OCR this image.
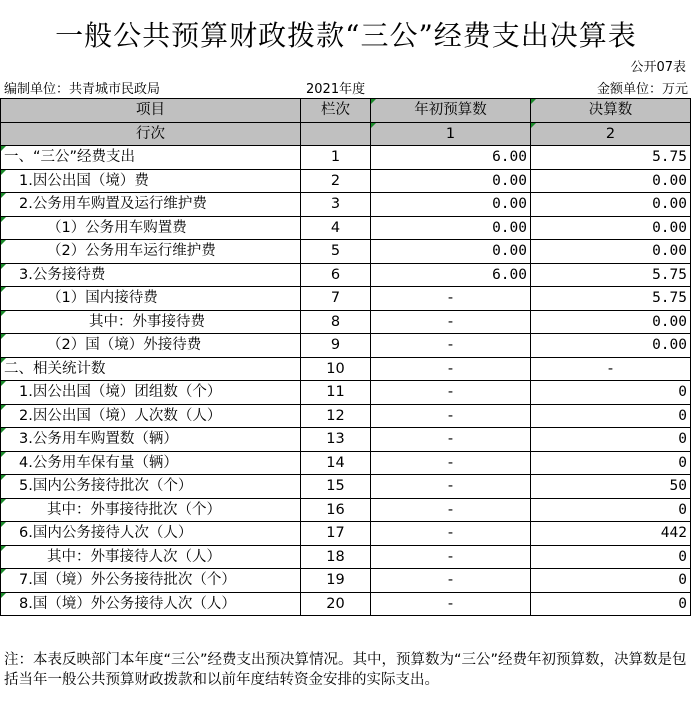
一般公共预算财政拨款“三公”经费支出决算表
公开07表
编制单位：共青城市民政局	2021年度	金额单位：万元
项目	栏次	年初预算数	决算数
行次		1	2
一、“三公”经费支出	1	6.00	5.75
1.因公出国（境）费	2	0.00	0.00
2.公务用车购置及运行维护费	3	0.00	0.00
（1）公务用车购置费	4	0.00	0.00
（2）公务用车运行维护费	5	0.00	0.00
3.公务接待费	6	6.00	5.75
（1）国内接待费	7	-	5.75
其中：外事接待费	8	-	0.00
（2）国（境）外接待费	9	-	0.00
二、相关统计数	10	-	-
1.因公出国（境）团组数（个）	11	-	0
2.因公出国（境）人次数（人）	12	-	0
3.公务用车购置数（辆）	13	-	0
4.公务用车保有量（辆）	14	-	0
5.国内公务接待批次（个）	15	-	50
其中：外事接待批次（个）	16	-	0
6.国内公务接待人次（人）	17	-	442
其中：外事接待人次（人）	18	-	0
7.国（境）外公务接待批次（个）	19	-	0
8.国（境）外公务接待人次（人）	20	-	0
注：本表反映部门本年度“三公”经费支出预决算情况。其中，预算数为“三公”经费年初预算数，决算数是包括当年一般公共预算财政拨款和以前年度结转资金安排的实际支出。
